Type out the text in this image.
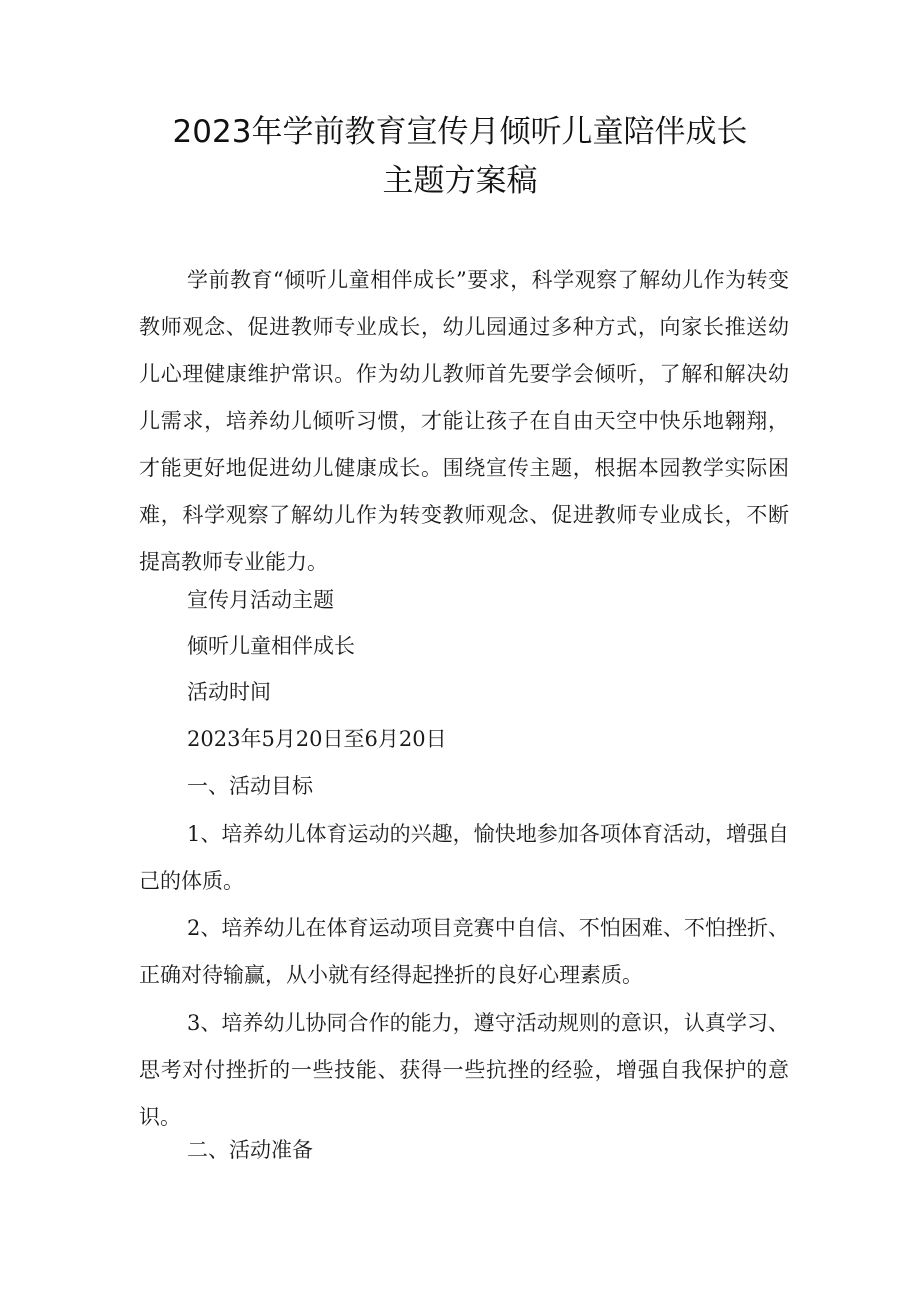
2023年学前教育宣传月倾听儿童陪伴成长
主题方案稿

学前教育“倾听儿童相伴成长”要求，科学观察了解幼儿作为转变教师观念、促进教师专业成长，幼儿园通过多种方式，向家长推送幼儿心理健康维护常识。作为幼儿教师首先要学会倾听，了解和解决幼儿需求，培养幼儿倾听习惯，才能让孩子在自由天空中快乐地翱翔，才能更好地促进幼儿健康成长。围绕宣传主题，根据本园教学实际困难，科学观察了解幼儿作为转变教师观念、促进教师专业成长，不断提高教师专业能力。

宣传月活动主题

倾听儿童相伴成长

活动时间

2023年5月20日至6月20日

一、活动目标

1、培养幼儿体育运动的兴趣，愉快地参加各项体育活动，增强自己的体质。

2、培养幼儿在体育运动项目竞赛中自信、不怕困难、不怕挫折、正确对待输赢，从小就有经得起挫折的良好心理素质。

3、培养幼儿协同合作的能力，遵守活动规则的意识，认真学习、思考对付挫折的一些技能、获得一些抗挫的经验，增强自我保护的意识。

二、活动准备
